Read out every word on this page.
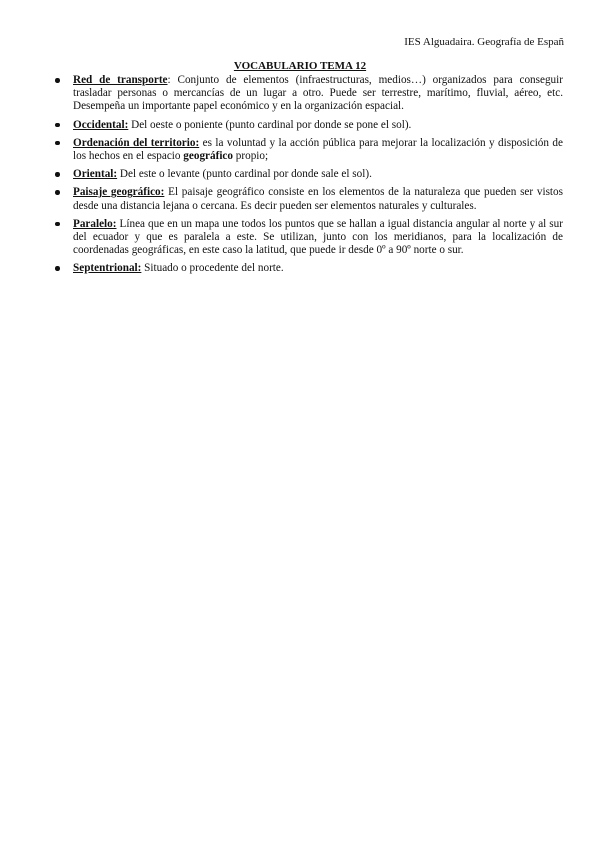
IES Alguadaira. Geografía de Españ
VOCABULARIO TEMA 12
Red de transporte: Conjunto de elementos (infraestructuras, medios…) organizados para conseguir trasladar personas o mercancías de un lugar a otro. Puede ser terrestre, marítimo, fluvial, aéreo, etc. Desempeña un importante papel económico y en la organización espacial.
Occidental: Del oeste o poniente (punto cardinal por donde se pone el sol).
Ordenación del territorio: es la voluntad y la acción pública para mejorar la localización y disposición de los hechos en el espacio geográfico propio;
Oriental: Del este o levante (punto cardinal por donde sale el sol).
Paisaje geográfico: El paisaje geográfico consiste en los elementos de la naturaleza que pueden ser vistos desde una distancia lejana o cercana. Es decir pueden ser elementos naturales y culturales.
Paralelo: Línea que en un mapa une todos los puntos que se hallan a igual distancia angular al norte y al sur del ecuador y que es paralela a este. Se utilizan, junto con los meridianos, para la localización de coordenadas geográficas, en este caso la latitud, que puede ir desde 0º a 90º norte o sur.
Septentrional: Situado o procedente del norte.
